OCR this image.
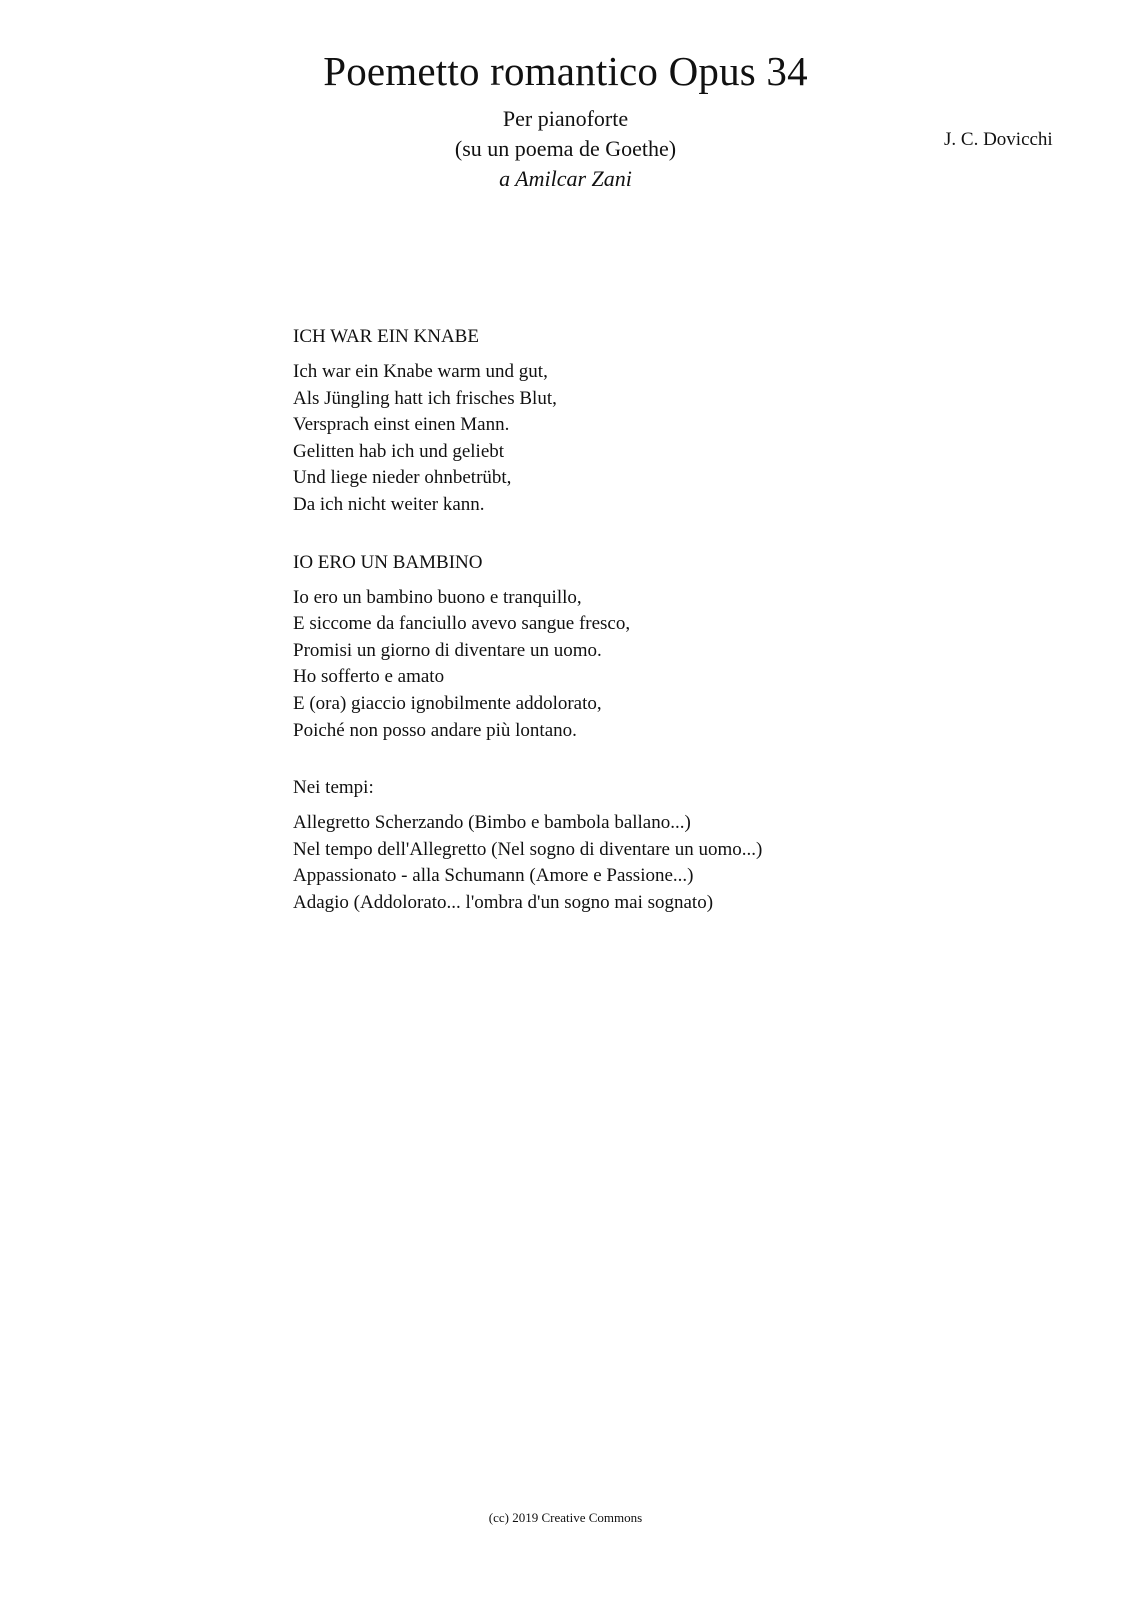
Poemetto romantico Opus 34
Per pianoforte
(su un poema de Goethe)
a Amilcar Zani
J. C. Dovicchi
ICH WAR EIN KNABE
Ich war ein Knabe warm und gut,
Als Jüngling hatt ich frisches Blut,
Versprach einst einen Mann.
Gelitten hab ich und geliebt
Und liege nieder ohnbetrübt,
Da ich nicht weiter kann.
IO ERO UN BAMBINO
Io ero un bambino buono e tranquillo,
E siccome da fanciullo avevo sangue fresco,
Promisi un giorno di diventare un uomo.
Ho sofferto e amato
E (ora) giaccio ignobilmente addolorato,
Poiché non posso andare più lontano.
Nei tempi:
Allegretto Scherzando (Bimbo e bambola ballano...)
Nel tempo dell'Allegretto (Nel sogno di diventare un uomo...)
Appassionato - alla Schumann (Amore e Passione...)
Adagio (Addolorato... l'ombra d'un sogno mai sognato)
(cc) 2019 Creative Commons
